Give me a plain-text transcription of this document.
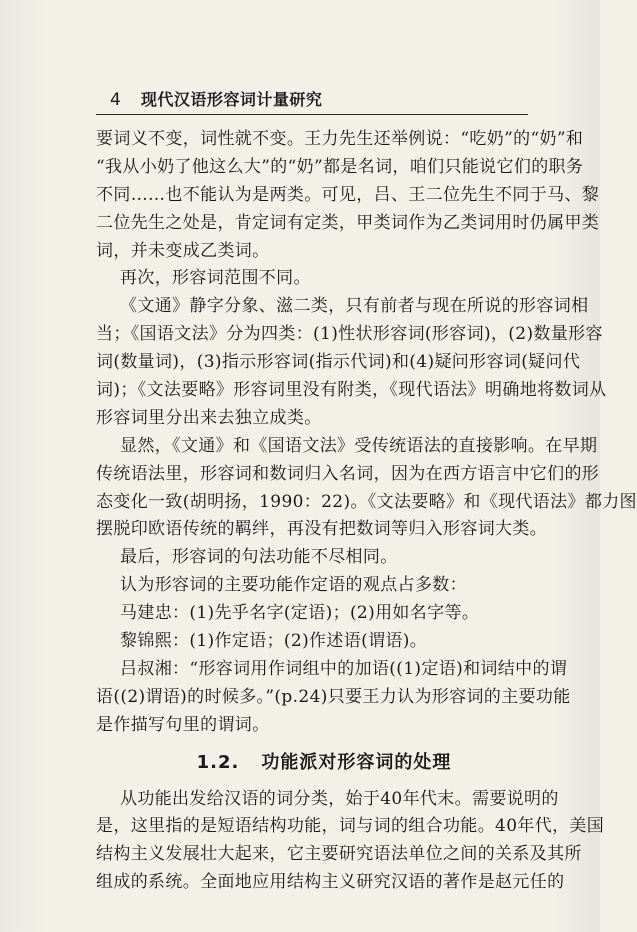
4 现代汉语形容词计量研究
要词义不变，词性就不变。王力先生还举例说：“吃奶”的“奶”和
“我从小奶了他这么大”的“奶”都是名词，咱们只能说它们的职务
不同……也不能认为是两类。可见，吕、王二位先生不同于马、黎
二位先生之处是，肯定词有定类，甲类词作为乙类词用时仍属甲类
词，并未变成乙类词。
再次，形容词范围不同。
《文通》静字分象、滋二类，只有前者与现在所说的形容词相
当；《国语文法》分为四类：(1)性状形容词(形容词)，(2)数量形容
词(数量词)，(3)指示形容词(指示代词)和(4)疑问形容词(疑问代
词)；《文法要略》形容词里没有附类，《现代语法》明确地将数词从
形容词里分出来去独立成类。
显然，《文通》和《国语文法》受传统语法的直接影响。在早期
传统语法里，形容词和数词归入名词，因为在西方语言中它们的形
态变化一致(胡明扬，1990：22)。《文法要略》和《现代语法》都力图
摆脱印欧语传统的羁绊，再没有把数词等归入形容词大类。
最后，形容词的句法功能不尽相同。
认为形容词的主要功能作定语的观点占多数：
马建忠：(1)先乎名字(定语)；(2)用如名字等。
黎锦熙：(1)作定语；(2)作述语(谓语)。
吕叔湘：“形容词用作词组中的加语((1)定语)和词结中的谓
语((2)谓语)的时候多。”(p.24)只要王力认为形容词的主要功能
是作描写句里的谓词。
1.2. 功能派对形容词的处理
从功能出发给汉语的词分类，始于40年代末。需要说明的
是，这里指的是短语结构功能，词与词的组合功能。40年代，美国
结构主义发展壮大起来，它主要研究语法单位之间的关系及其所
组成的系统。全面地应用结构主义研究汉语的著作是赵元任的
